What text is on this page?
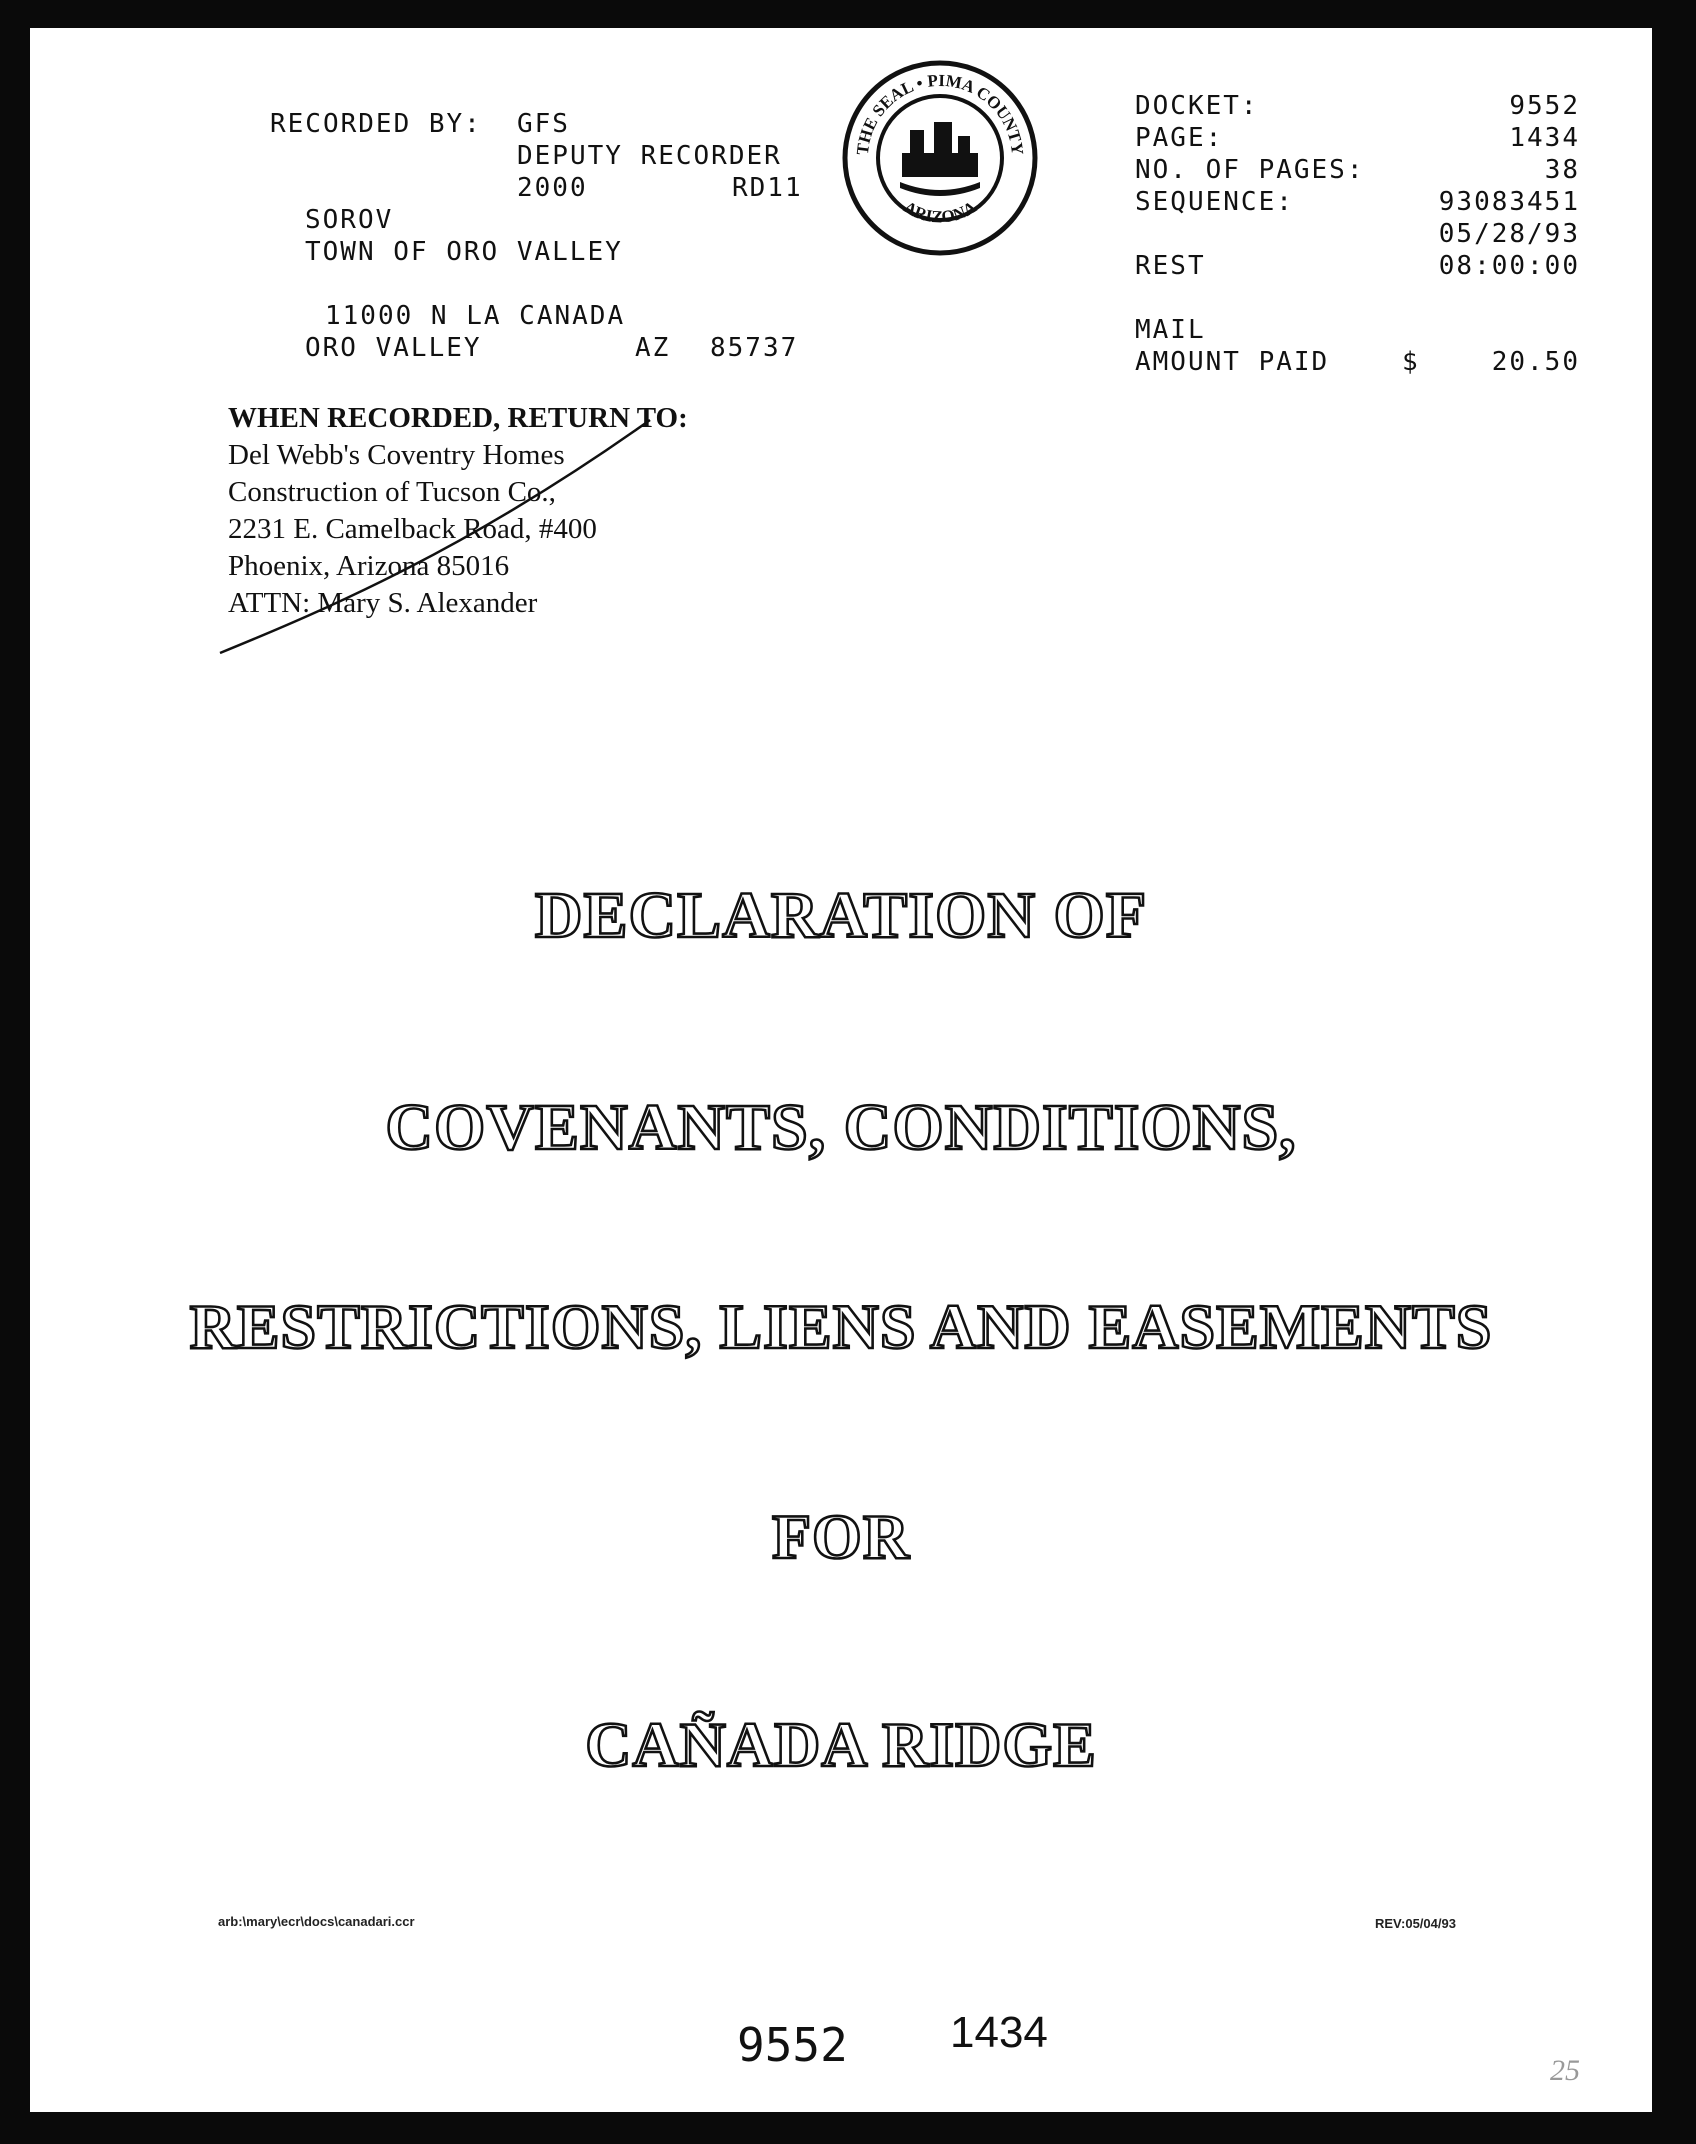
RECORDED BY: GFS
DEPUTY RECORDER
2000	RD11
SOROV
TOWN OF ORO VALLEY
11000 N LA CANADA
ORO VALLEY	AZ 85737
THE SEAL • PIMA COUNTY
ARIZONA
DOCKET:	9552
PAGE:	1434
NO. OF PAGES:	38
SEQUENCE:	93083451
05/28/93
REST	08:00:00
MAIL
AMOUNT PAID	$	20.50
WHEN RECORDED, RETURN TO:
Del Webb's Coventry Homes
Construction of Tucson Co.,
2231 E. Camelback Road, #400
Phoenix, Arizona 85016
ATTN: Mary S. Alexander
DECLARATION OF
COVENANTS, CONDITIONS,
RESTRICTIONS, LIENS AND EASEMENTS
FOR
CAÑADA RIDGE
arb:\mary\ecr\docs\canadari.ccr	REV:05/04/93
9552 1434
25
